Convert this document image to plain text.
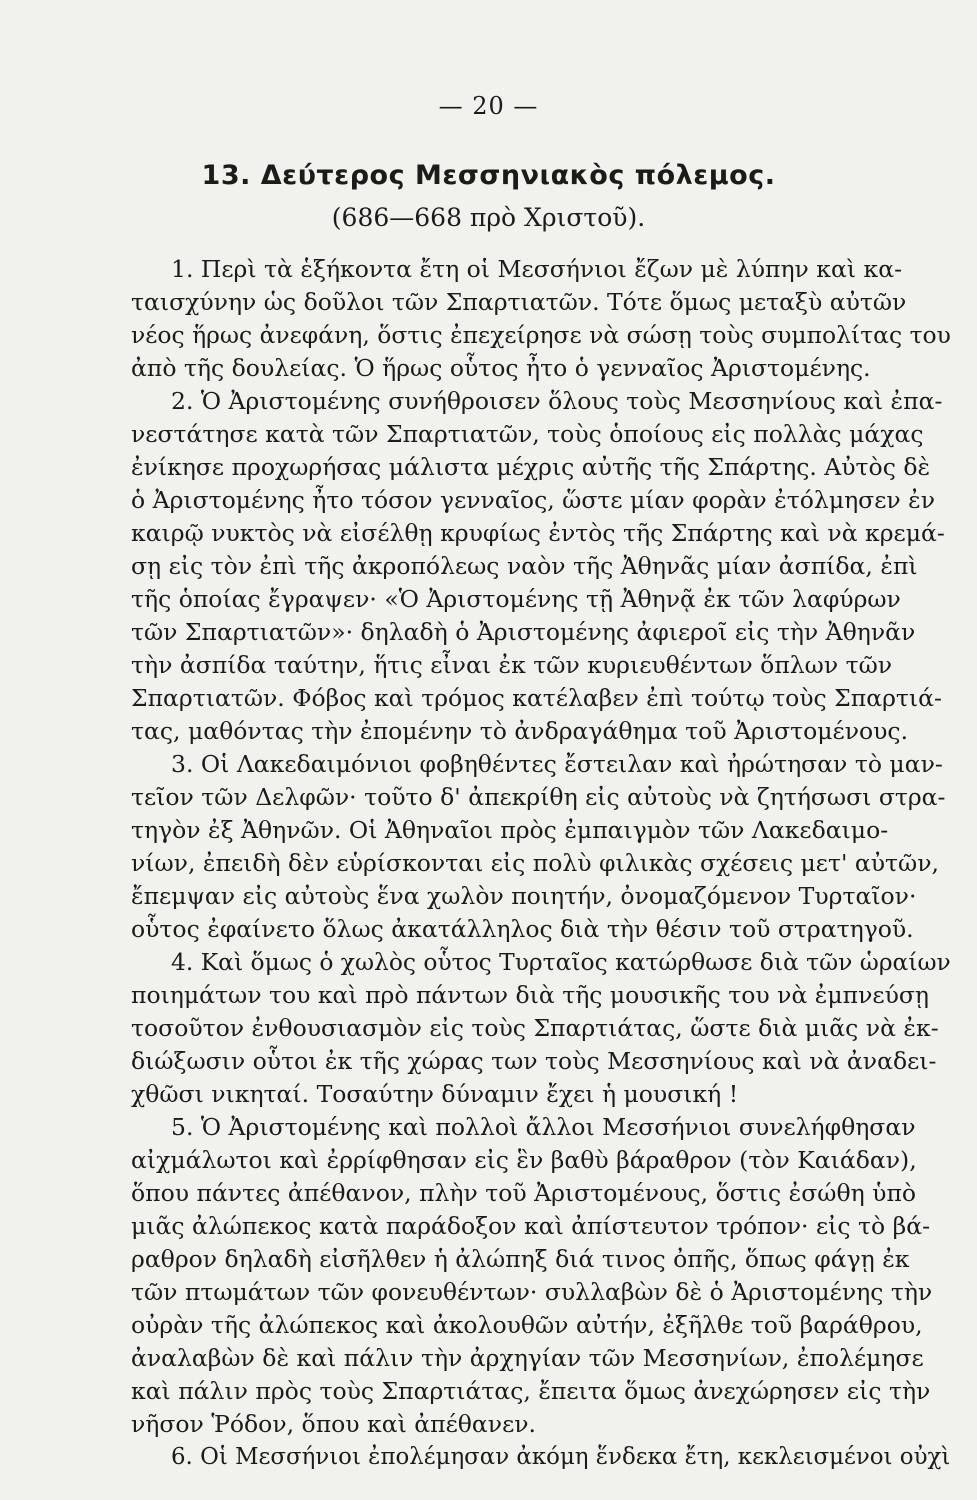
— 20 —
13. Δεύτερος Μεσσηνιακὸς πόλεμος.
(686—668 πρὸ Χριστοῦ).
1. Περὶ τὰ ἑξήκοντα ἔτη οἱ Μεσσήνιοι ἔζων μὲ λύπην καὶ κα-
ταισχύνην ὡς δοῦλοι τῶν Σπαρτιατῶν. Τότε ὅμως μεταξὺ αὐτῶν
νέος ἥρως ἀνεφάνη, ὅστις ἐπεχείρησε νὰ σώσῃ τοὺς συμπολίτας του
ἀπὸ τῆς δουλείας. Ὁ ἥρως οὗτος ἦτο ὁ γενναῖος Ἀριστομένης.
2. Ὁ Ἀριστομένης συνήθροισεν ὅλους τοὺς Μεσσηνίους καὶ ἐπα-
νεστάτησε κατὰ τῶν Σπαρτιατῶν, τοὺς ὁποίους εἰς πολλὰς μάχας
ἐνίκησε προχωρήσας μάλιστα μέχρις αὐτῆς τῆς Σπάρτης. Αὐτὸς δὲ
ὁ Ἀριστομένης ἦτο τόσον γενναῖος, ὥστε μίαν φορὰν ἐτόλμησεν ἐν
καιρῷ νυκτὸς νὰ εἰσέλθῃ κρυφίως ἐντὸς τῆς Σπάρτης καὶ νὰ κρεμά-
σῃ εἰς τὸν ἐπὶ τῆς ἀκροπόλεως ναὸν τῆς Ἀθηνᾶς μίαν ἀσπίδα, ἐπὶ
τῆς ὁποίας ἔγραψεν· «Ὁ Ἀριστομένης τῇ Ἀθηνᾷ ἐκ τῶν λαφύρων
τῶν Σπαρτιατῶν»· δηλαδὴ ὁ Ἀριστομένης ἀφιεροῖ εἰς τὴν Ἀθηνᾶν
τὴν ἀσπίδα ταύτην, ἥτις εἶναι ἐκ τῶν κυριευθέντων ὅπλων τῶν
Σπαρτιατῶν. Φόβος καὶ τρόμος κατέλαβεν ἐπὶ τούτῳ τοὺς Σπαρτιά-
τας, μαθόντας τὴν ἐπομένην τὸ ἀνδραγάθημα τοῦ Ἀριστομένους.
3. Οἱ Λακεδαιμόνιοι φοβηθέντες ἔστειλαν καὶ ἠρώτησαν τὸ μαν-
τεῖον τῶν Δελφῶν· τοῦτο δ' ἀπεκρίθη εἰς αὐτοὺς νὰ ζητήσωσι στρα-
τηγὸν ἐξ Ἀθηνῶν. Οἱ Ἀθηναῖοι πρὸς ἐμπαιγμὸν τῶν Λακεδαιμο-
νίων, ἐπειδὴ δὲν εὑρίσκονται εἰς πολὺ φιλικὰς σχέσεις μετ' αὐτῶν,
ἔπεμψαν εἰς αὐτοὺς ἕνα χωλὸν ποιητήν, ὀνομαζόμενον Τυρταῖον·
οὗτος ἐφαίνετο ὅλως ἀκατάλληλος διὰ τὴν θέσιν τοῦ στρατηγοῦ.
4. Καὶ ὅμως ὁ χωλὸς οὗτος Τυρταῖος κατώρθωσε διὰ τῶν ὡραίων
ποιημάτων του καὶ πρὸ πάντων διὰ τῆς μουσικῆς του νὰ ἐμπνεύσῃ
τοσοῦτον ἐνθουσιασμὸν εἰς τοὺς Σπαρτιάτας, ὥστε διὰ μιᾶς νὰ ἐκ-
διώξωσιν οὗτοι ἐκ τῆς χώρας των τοὺς Μεσσηνίους καὶ νὰ ἀναδει-
χθῶσι νικηταί. Τοσαύτην δύναμιν ἔχει ἡ μουσική !
5. Ὁ Ἀριστομένης καὶ πολλοὶ ἄλλοι Μεσσήνιοι συνελήφθησαν
αἰχμάλωτοι καὶ ἐρρίφθησαν εἰς ἓν βαθὺ βάραθρον (τὸν Καιάδαν),
ὅπου πάντες ἀπέθανον, πλὴν τοῦ Ἀριστομένους, ὅστις ἐσώθη ὑπὸ
μιᾶς ἀλώπεκος κατὰ παράδοξον καὶ ἀπίστευτον τρόπον· εἰς τὸ βά-
ραθρον δηλαδὴ εἰσῆλθεν ἡ ἀλώπηξ διά τινος ὀπῆς, ὅπως φάγῃ ἐκ
τῶν πτωμάτων τῶν φονευθέντων· συλλαβὼν δὲ ὁ Ἀριστομένης τὴν
οὐρὰν τῆς ἀλώπεκος καὶ ἀκολουθῶν αὐτήν, ἐξῆλθε τοῦ βαράθρου,
ἀναλαβὼν δὲ καὶ πάλιν τὴν ἀρχηγίαν τῶν Μεσσηνίων, ἐπολέμησε
καὶ πάλιν πρὸς τοὺς Σπαρτιάτας, ἔπειτα ὅμως ἀνεχώρησεν εἰς τὴν
νῆσον Ῥόδον, ὅπου καὶ ἀπέθανεν.
6. Οἱ Μεσσήνιοι ἐπολέμησαν ἀκόμη ἕνδεκα ἔτη, κεκλεισμένοι οὐχὶ
